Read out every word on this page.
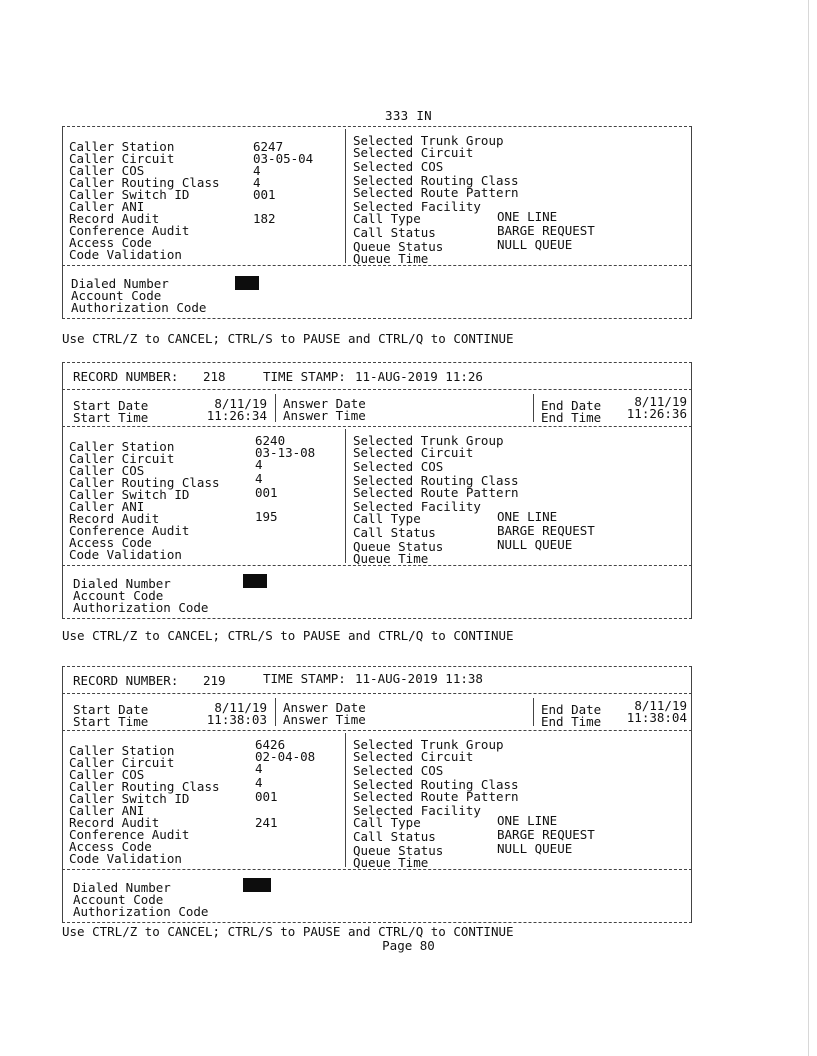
333 IN
Caller Station
Caller Circuit
Caller COS
Caller Routing Class
Caller Switch ID
Caller ANI
Record Audit
Conference Audit
Access Code
Code Validation
6247
03-05-04
4
4
001
182
Selected Trunk Group
Selected Circuit
Selected COS
Selected Routing Class
Selected Route Pattern
Selected Facility
Call Type
Call Status
Queue Status
Queue Time
ONE LINE
BARGE REQUEST
NULL QUEUE
Dialed Number
Account Code
Authorization Code
Use CTRL/Z to CANCEL; CTRL/S to PAUSE and CTRL/Q to CONTINUE
RECORD NUMBER: 218	TIME STAMP: 11-AUG-2019 11:26
Start Date
Start Time
8/11/19
11:26:34
Answer Date
Answer Time
End Date
End Time
8/11/19
11:26:36
Caller Station
Caller Circuit
Caller COS
Caller Routing Class
Caller Switch ID
Caller ANI
Record Audit
Conference Audit
Access Code
Code Validation
6240
03-13-08
4
4
001
195
Selected Trunk Group
Selected Circuit
Selected COS
Selected Routing Class
Selected Route Pattern
Selected Facility
Call Type
Call Status
Queue Status
Queue Time
ONE LINE
BARGE REQUEST
NULL QUEUE
Dialed Number
Account Code
Authorization Code
Use CTRL/Z to CANCEL; CTRL/S to PAUSE and CTRL/Q to CONTINUE
RECORD NUMBER: 219	TIME STAMP: 11-AUG-2019 11:38
Start Date
Start Time
8/11/19
11:38:03
Answer Date
Answer Time
End Date
End Time
8/11/19
11:38:04
Caller Station
Caller Circuit
Caller COS
Caller Routing Class
Caller Switch ID
Caller ANI
Record Audit
Conference Audit
Access Code
Code Validation
6426
02-04-08
4
4
001
241
Selected Trunk Group
Selected Circuit
Selected COS
Selected Routing Class
Selected Route Pattern
Selected Facility
Call Type
Call Status
Queue Status
Queue Time
ONE LINE
BARGE REQUEST
NULL QUEUE
Dialed Number
Account Code
Authorization Code
Use CTRL/Z to CANCEL; CTRL/S to PAUSE and CTRL/Q to CONTINUE
Page 80
